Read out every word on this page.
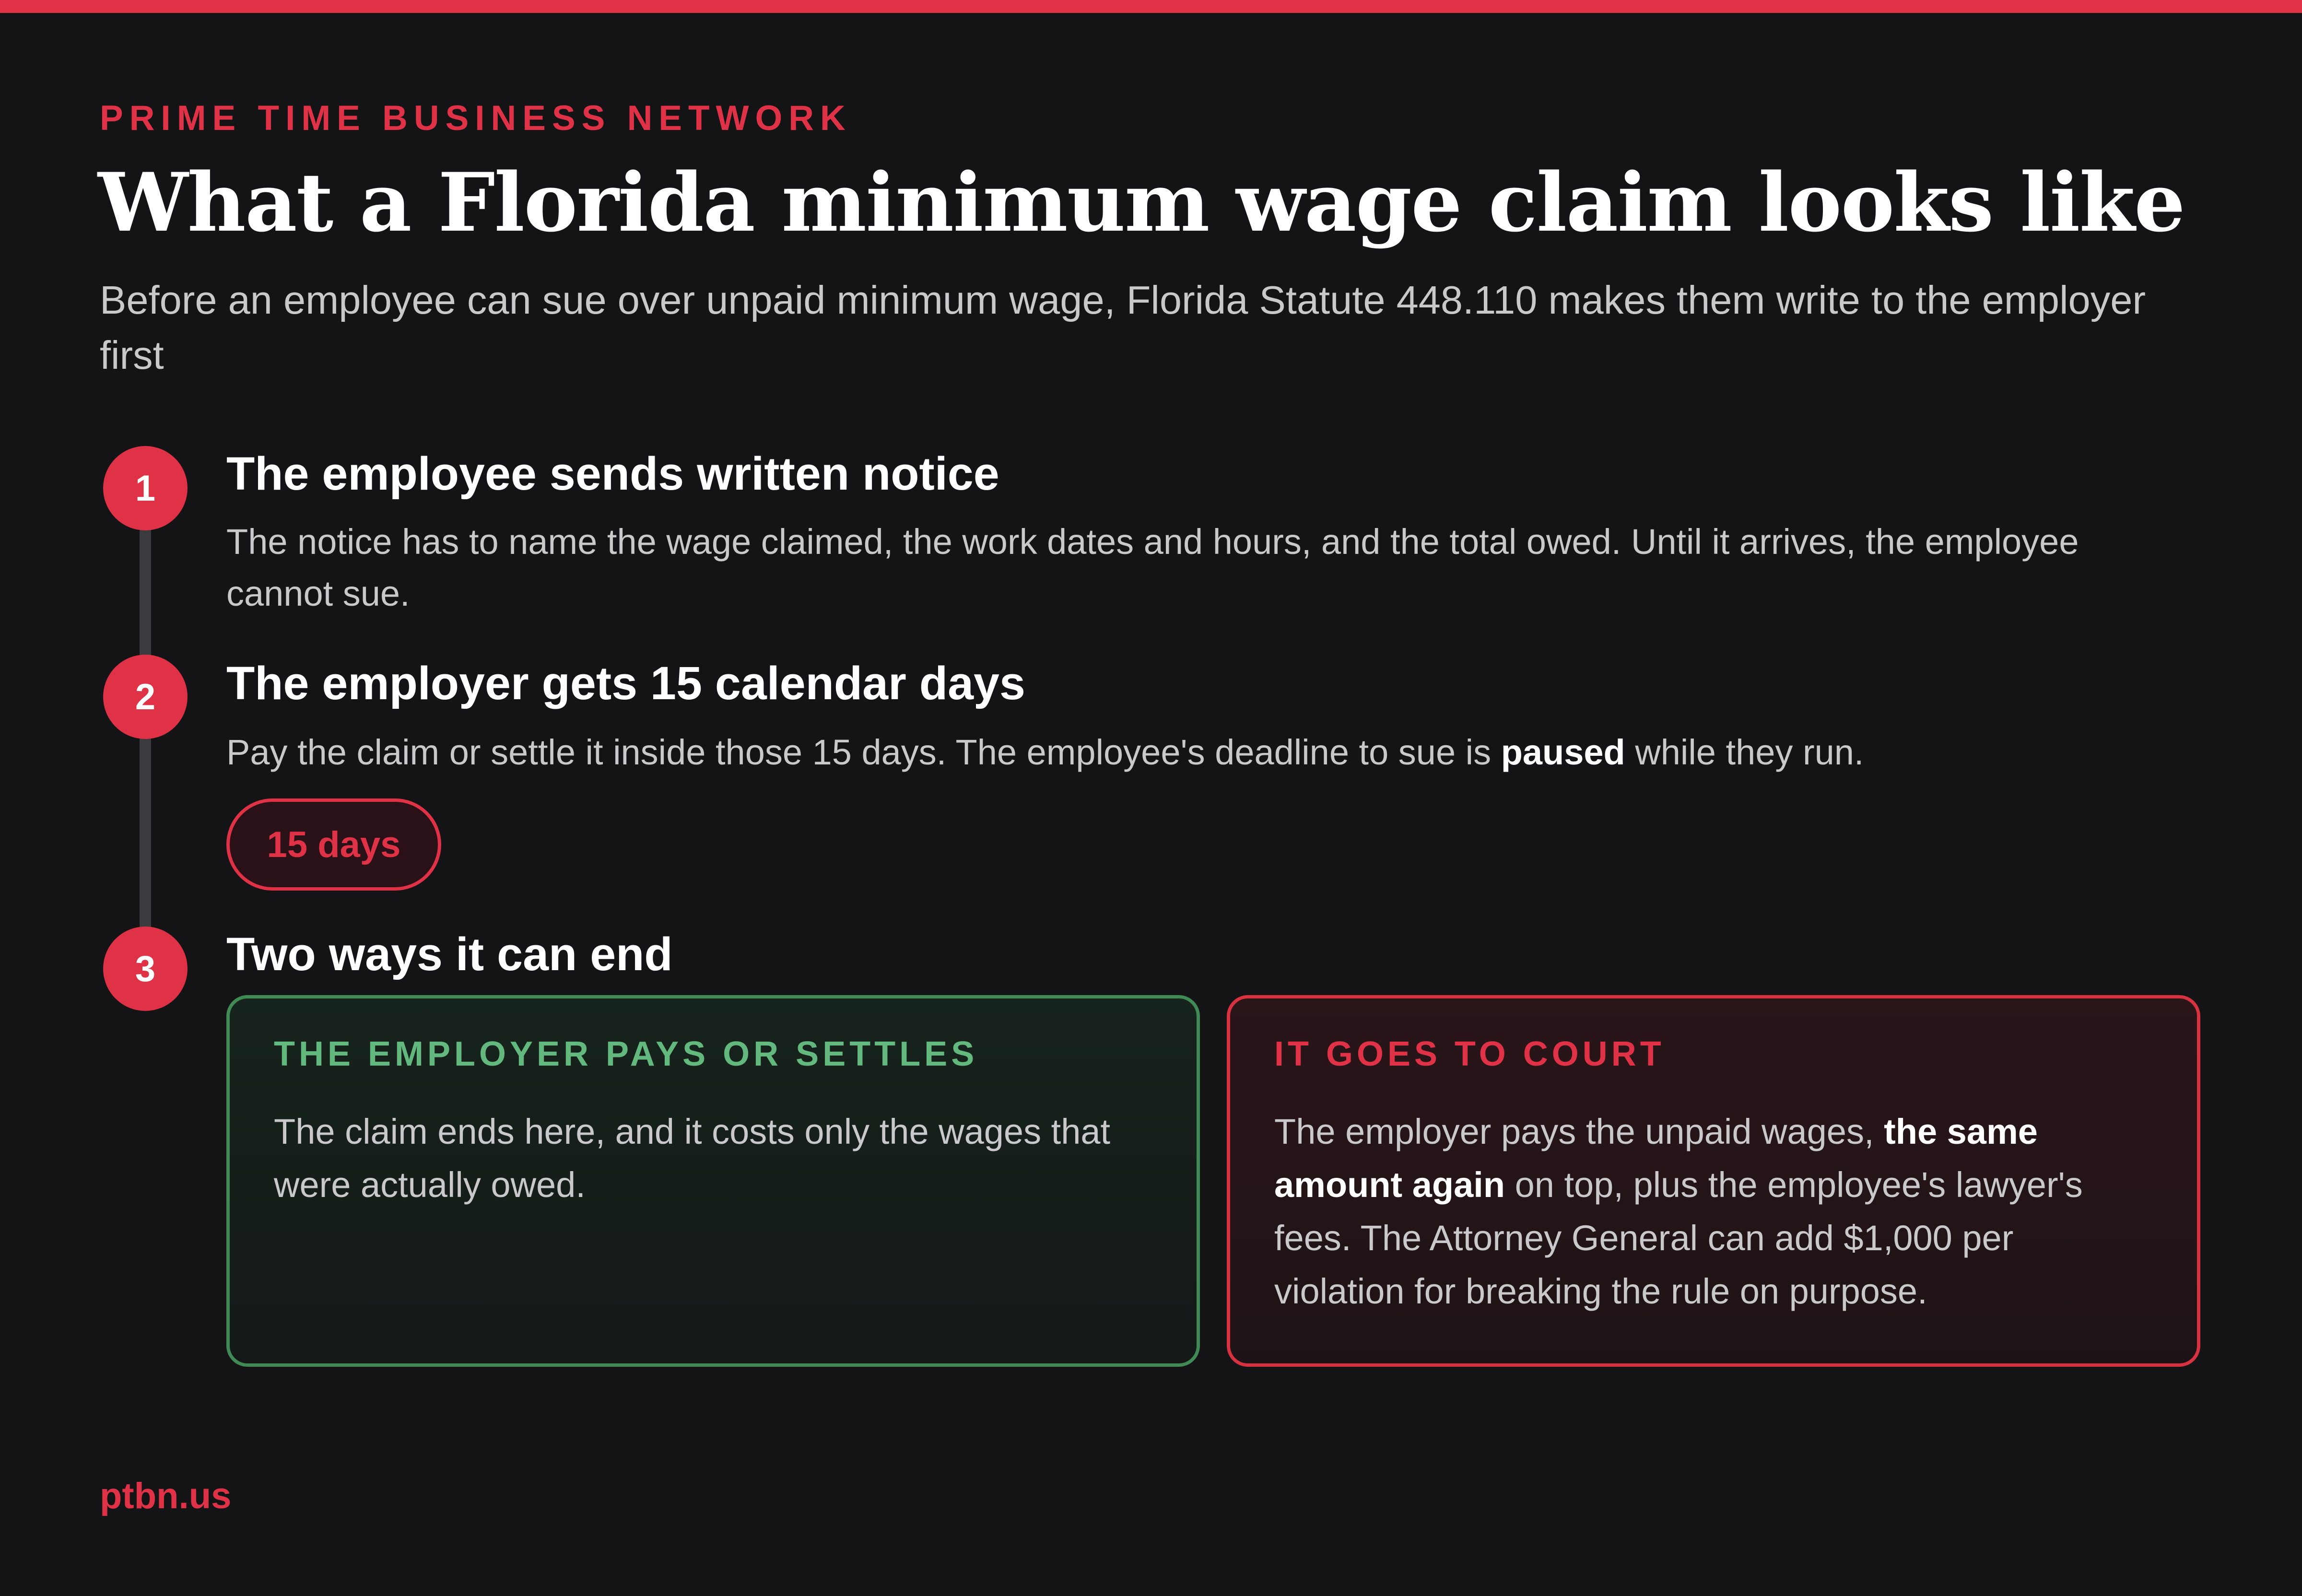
PRIME TIME BUSINESS NETWORK
What a Florida minimum wage claim looks like
Before an employee can sue over unpaid minimum wage, Florida Statute 448.110 makes them write to the employer first
1	The employee sends written notice
The notice has to name the wage claimed, the work dates and hours, and the total owed. Until it arrives, the employee cannot sue.
2	The employer gets 15 calendar days
Pay the claim or settle it inside those 15 days. The employee's deadline to sue is paused while they run.
15 days
3	Two ways it can end
THE EMPLOYER PAYS OR SETTLES
The claim ends here, and it costs only the wages that were actually owed.
IT GOES TO COURT
The employer pays the unpaid wages, the same amount again on top, plus the employee's lawyer's fees. The Attorney General can add $1,000 per violation for breaking the rule on purpose.
ptbn.us
